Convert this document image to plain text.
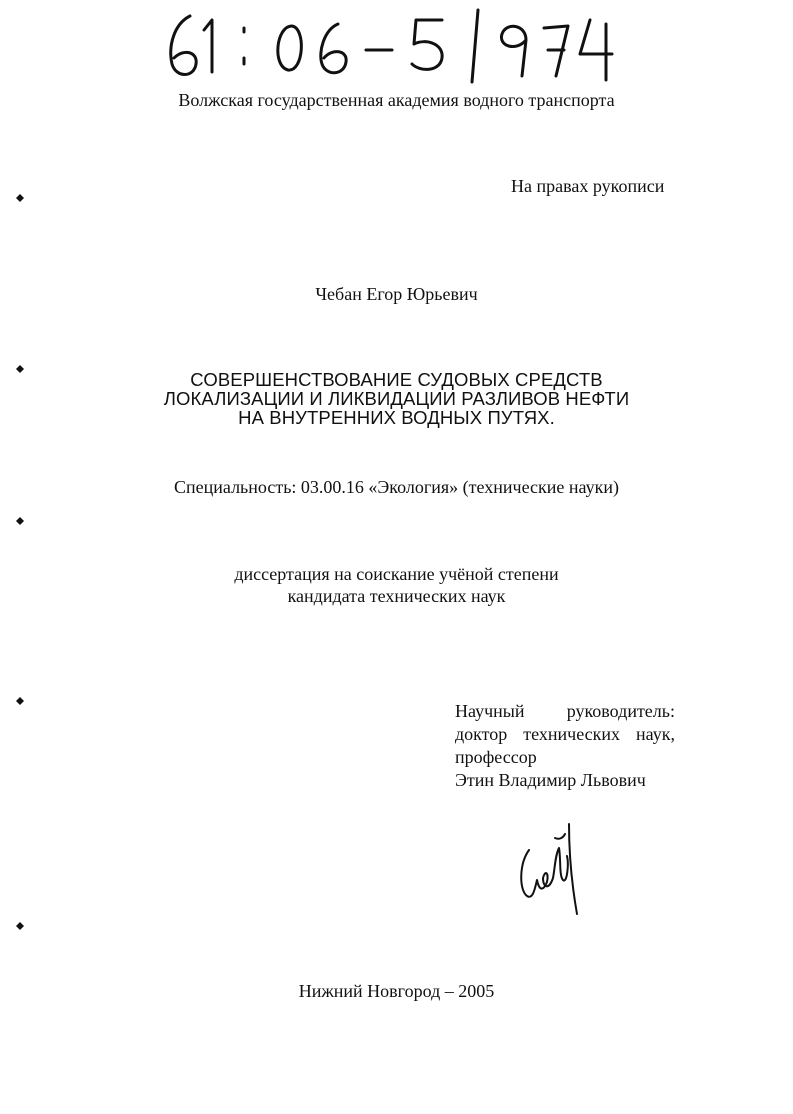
Волжская государственная академия водного транспорта
На правах рукописи
Чебан Егор Юрьевич
СОВЕРШЕНСТВОВАНИЕ СУДОВЫХ СРЕДСТВ
ЛОКАЛИЗАЦИИ И ЛИКВИДАЦИИ РАЗЛИВОВ НЕФТИ
НА ВНУТРЕННИХ ВОДНЫХ ПУТЯХ.
Специальность: 03.00.16 «Экология» (технические науки)
диссертация на соискание учёной степени
кандидата технических наук
Научный руководитель:
доктор технических наук,
профессор
Этин Владимир Львович
Нижний Новгород – 2005
